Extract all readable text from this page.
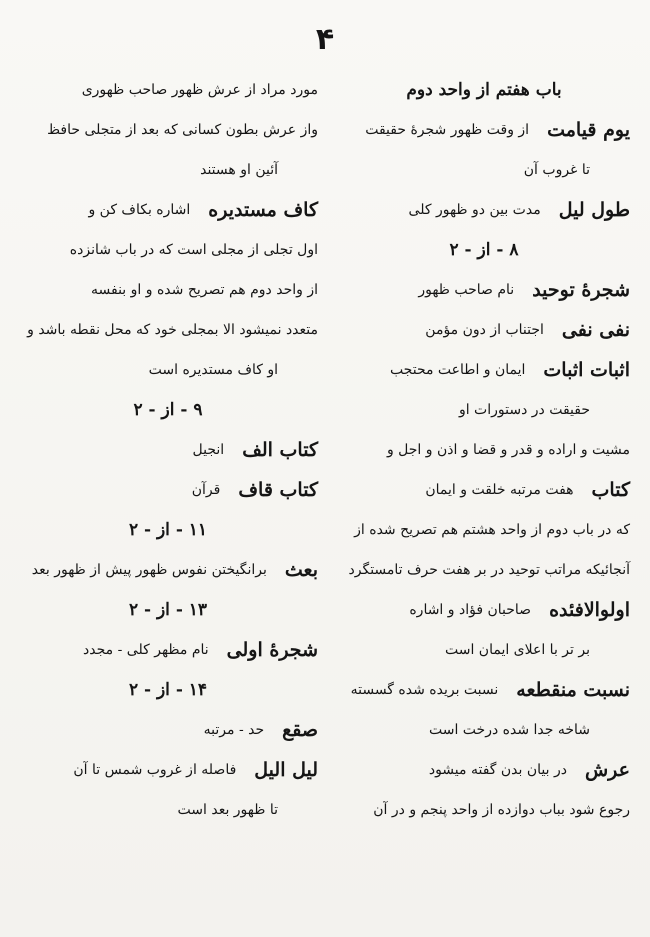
۴
باب هفتم از واحد دوم
یوم قیامت
از وقت ظهور شجرهٔ حقیقت
تا غروب آن
طول لیل
مدت بین دو ظهور کلی
۸ - از - ۲
شجرهٔ توحید
نام صاحب ظهور
نفی نفی
اجتناب از دون مؤمن
اثبات اثبات
ایمان و اطاعت محتجب
حقیقت در دستورات او
مشیت و اراده و قدر و قضا و اذن و اجل و
کتاب
هفت مرتبه خلقت و ایمان
که در باب دوم از واحد هشتم هم تصریح شده از
آنجائیکه مراتب توحید در بر هفت حرف تامستگرد
اولوالافئده
صاحبان فؤاد و اشاره
بر تر با اعلای ایمان است
نسبت منقطعه
نسبت بریده شده گسسته
شاخه جدا شده درخت است
عرش
در بیان بدن گفته میشود
رجوع شود بباب دوازده از واحد پنجم و در آن
مورد مراد از عرش ظهور صاحب ظهوری
واز عرش بطون کسانی که بعد از متجلی حافظ
آئین او هستند
کاف مستدیره
اشاره بکاف کن و
اول تجلی از مجلی است که در باب شانزده
از واحد دوم هم تصریح شده و او بنفسه
متعدد نمیشود الا بمجلی خود که محل نقطه باشد و
او کاف مستدیره است
۹ - از - ۲
کتاب الف
انجیل
کتاب قاف
قرآن
۱۱ - از - ۲
بعث
برانگیختن نفوس ظهور پیش از ظهور بعد
۱۳ - از - ۲
شجرهٔ اولی
نام مظهر کلی - مجدد
۱۴ - از - ۲
صقع
حد - مرتبه
لیل الیل
فاصله از غروب شمس تا آن
تا ظهور بعد است
